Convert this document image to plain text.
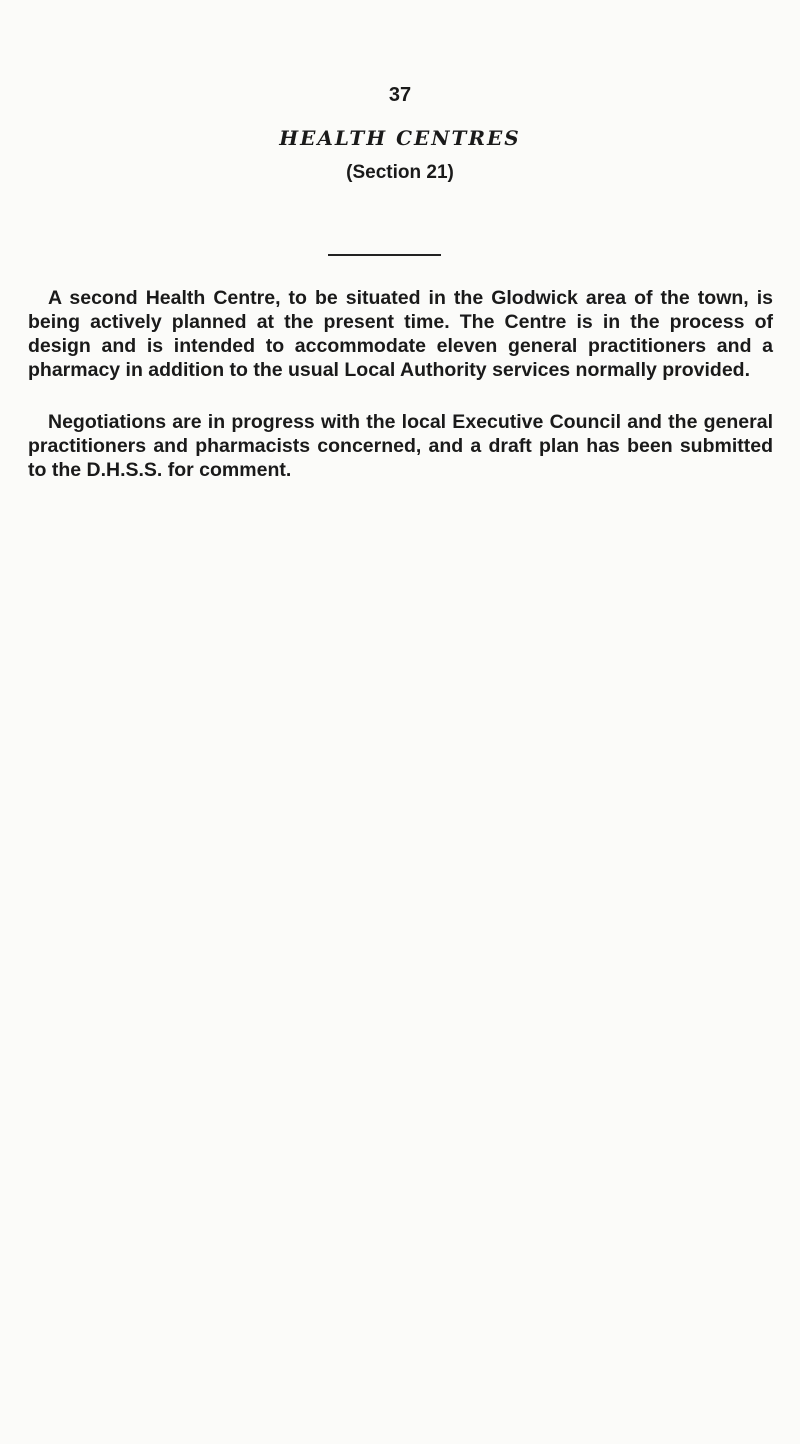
37
HEALTH CENTRES
(Section 21)

A second Health Centre, to be situated in the Glodwick area of the town, is being actively planned at the present time. The Centre is in the process of design and is intended to accommodate eleven general practitioners and a pharmacy in addition to the usual Local Authority services normally provided.

Negotiations are in progress with the local Executive Council and the general practitioners and pharmacists concerned, and a draft plan has been submitted to the D.H.S.S. for comment.
